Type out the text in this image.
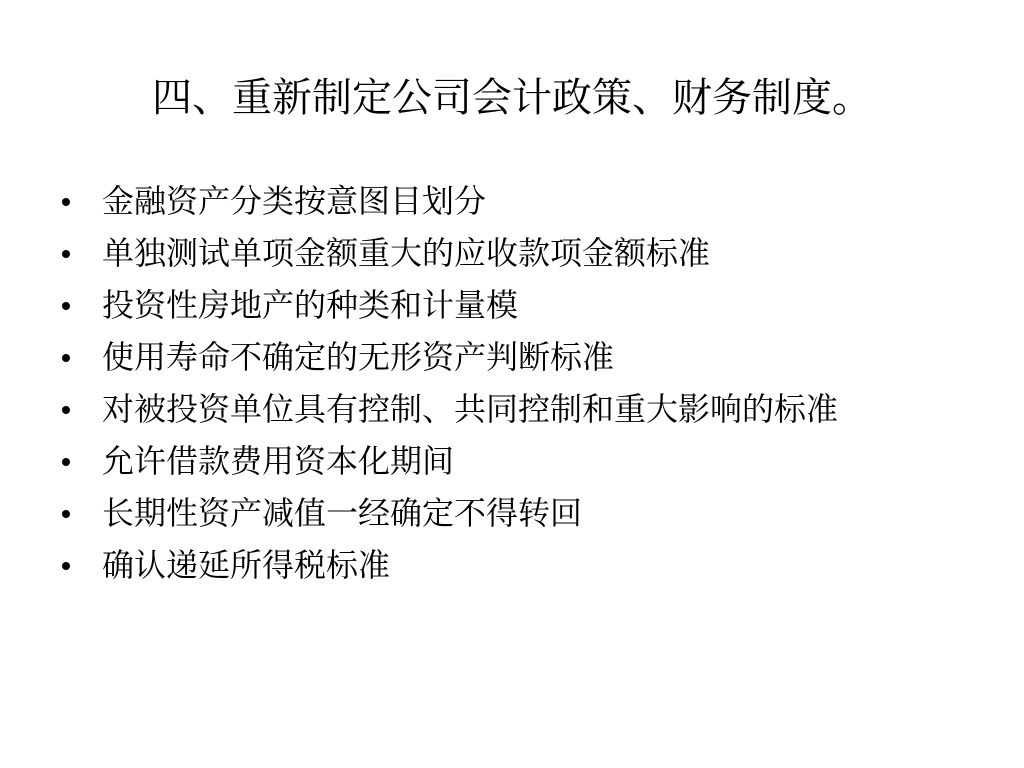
四、重新制定公司会计政策、财务制度。
金融资产分类按意图目划分
单独测试单项金额重大的应收款项金额标准
投资性房地产的种类和计量模
使用寿命不确定的无形资产判断标准
对被投资单位具有控制、共同控制和重大影响的标准
允许借款费用资本化期间
长期性资产减值一经确定不得转回
确认递延所得税标准
